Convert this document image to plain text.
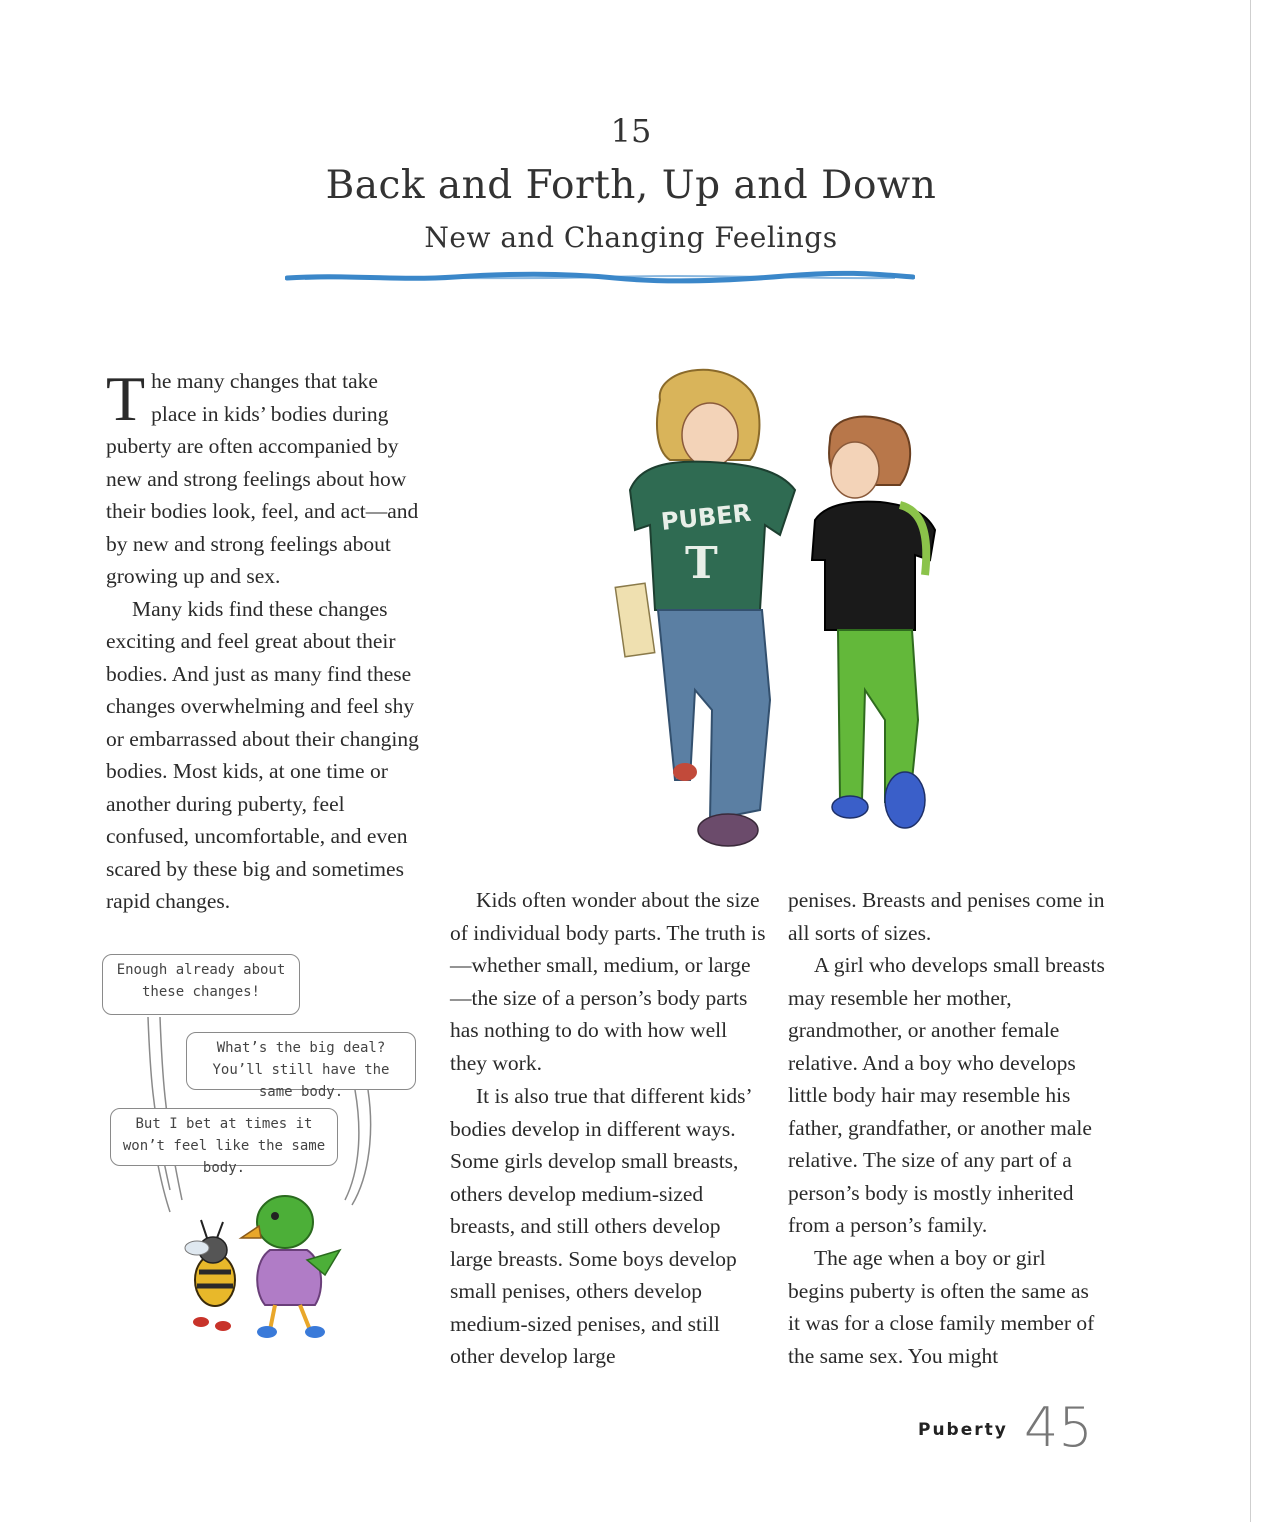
15
Back and Forth, Up and Down
New and Changing Feelings

The many changes that take place in kids’ bodies during puberty are often accompanied by new and strong feelings about how their bodies look, feel, and act—and by new and strong feelings about growing up and sex.

Many kids find these changes exciting and feel great about their bodies. And just as many find these changes overwhelming and feel shy or embarrassed about their changing bodies. Most kids, at one time or another during puberty, feel confused, uncomfortable, and even scared by these big and sometimes rapid changes.

PUBER
T

Kids often wonder about the size of individual body parts. The truth is—whether small, medium, or large—the size of a person’s body parts has nothing to do with how well they work.

It is also true that different kids’ bodies develop in different ways. Some girls develop small breasts, others develop medium-sized breasts, and still others develop large breasts. Some boys develop small penises, others develop medium-sized penises, and still other develop large

penises. Breasts and penises come in all sorts of sizes.

A girl who develops small breasts may resemble her mother, grandmother, or another female relative. And a boy who develops little body hair may resemble his father, grandfather, or another male relative. The size of any part of a person’s body is mostly inherited from a person’s family.

The age when a boy or girl begins puberty is often the same as it was for a close family member of the same sex. You might

Enough already about these changes!
What’s the big deal? You’ll still have the same body.
But I bet at times it won’t feel like the same body.
Puberty 45
